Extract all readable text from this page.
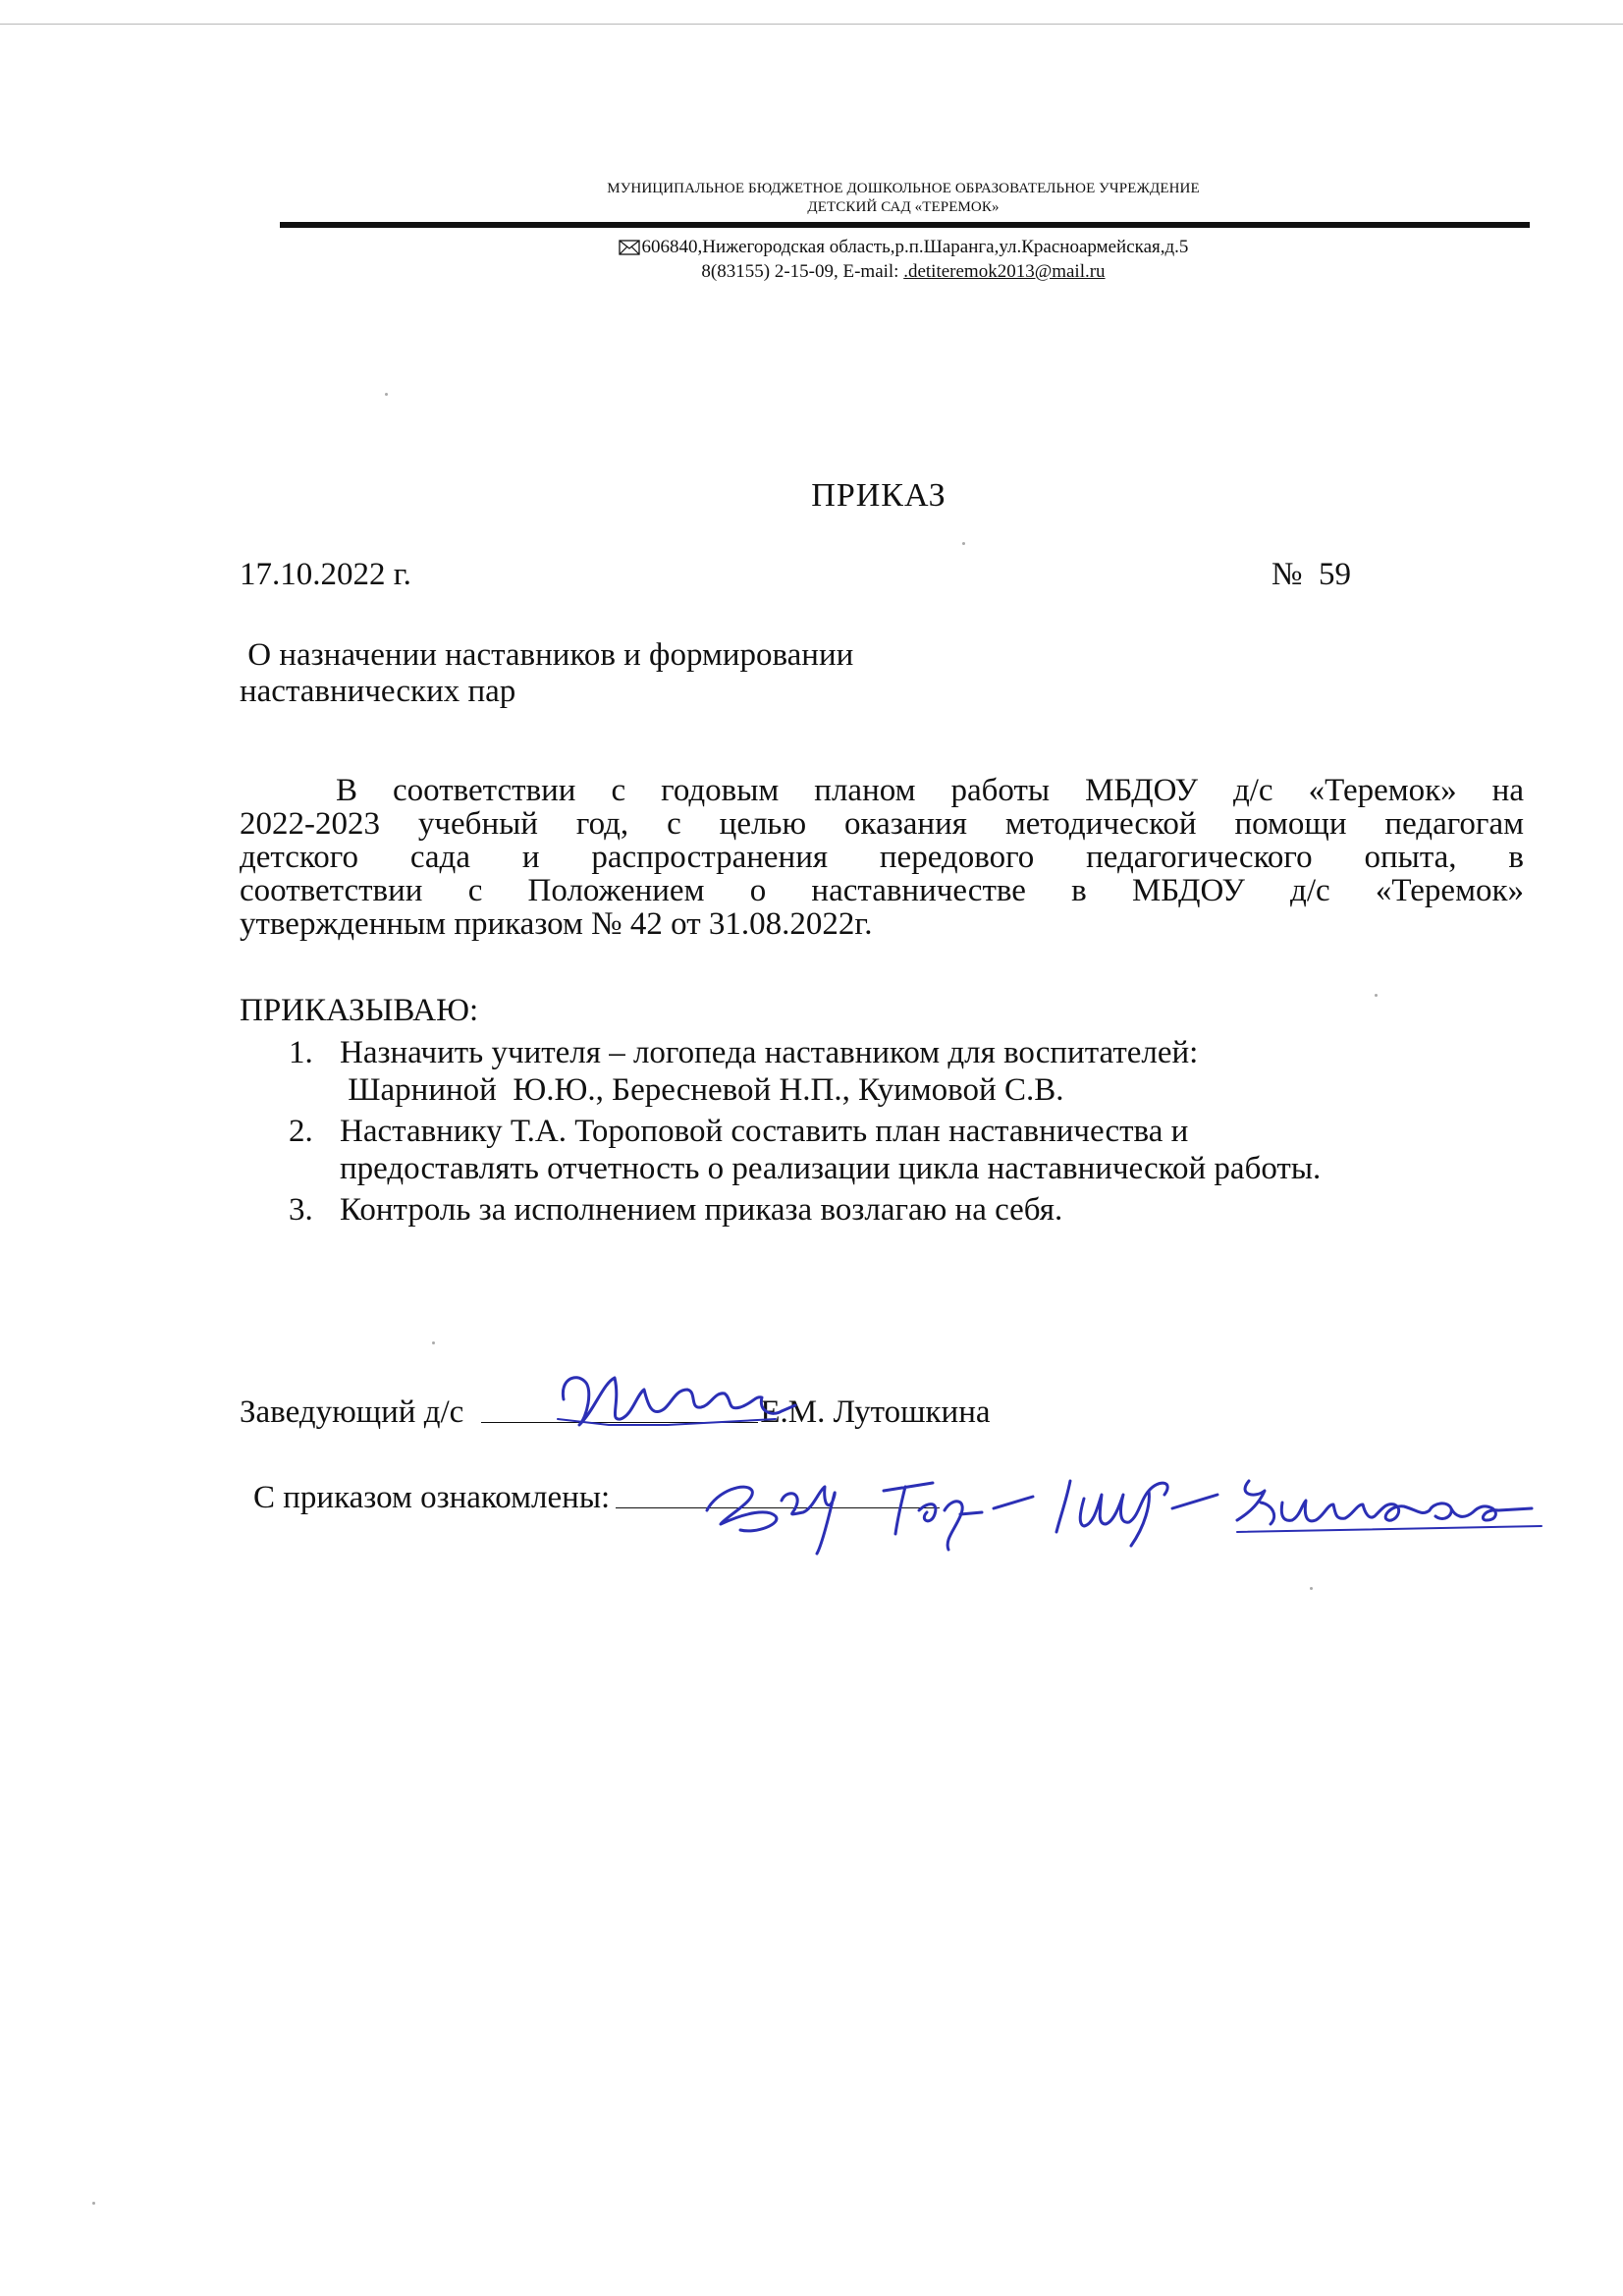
МУНИЦИПАЛЬНОЕ БЮДЖЕТНОЕ ДОШКОЛЬНОЕ ОБРАЗОВАТЕЛЬНОЕ УЧРЕЖДЕНИЕ
ДЕТСКИЙ САД «ТЕРЕМОК»
606840,Нижегородская область,р.п.Шаранга,ул.Красноармейская,д.5
8(83155) 2-15-09, E-mail: .detiteremok2013@mail.ru
ПРИКАЗ
17.10.2022 г.	№  59
О назначении наставников и формировании
наставнических пар
В соответствии с годовым планом работы МБДОУ д/с «Теремок» на
2022-2023 учебный год, с целью оказания методической помощи педагогам
детского сада и распространения передового педагогического опыта, в
соответствии с Положением о наставничестве в МБДОУ д/с «Теремок»
утвержденным приказом № 42 от 31.08.2022г.
ПРИКАЗЫВАЮ:
1. Назначить учителя – логопеда наставником для воспитателей:
Шарниной  Ю.Ю., Бересневой Н.П., Куимовой С.В.
2. Наставнику Т.А. Тороповой составить план наставничества и
предоставлять отчетность о реализации цикла наставнической работы.
3. Контроль за исполнением приказа возлагаю на себя.
Заведующий д/с	Е.М. Лутошкина
С приказом ознакомлены:
